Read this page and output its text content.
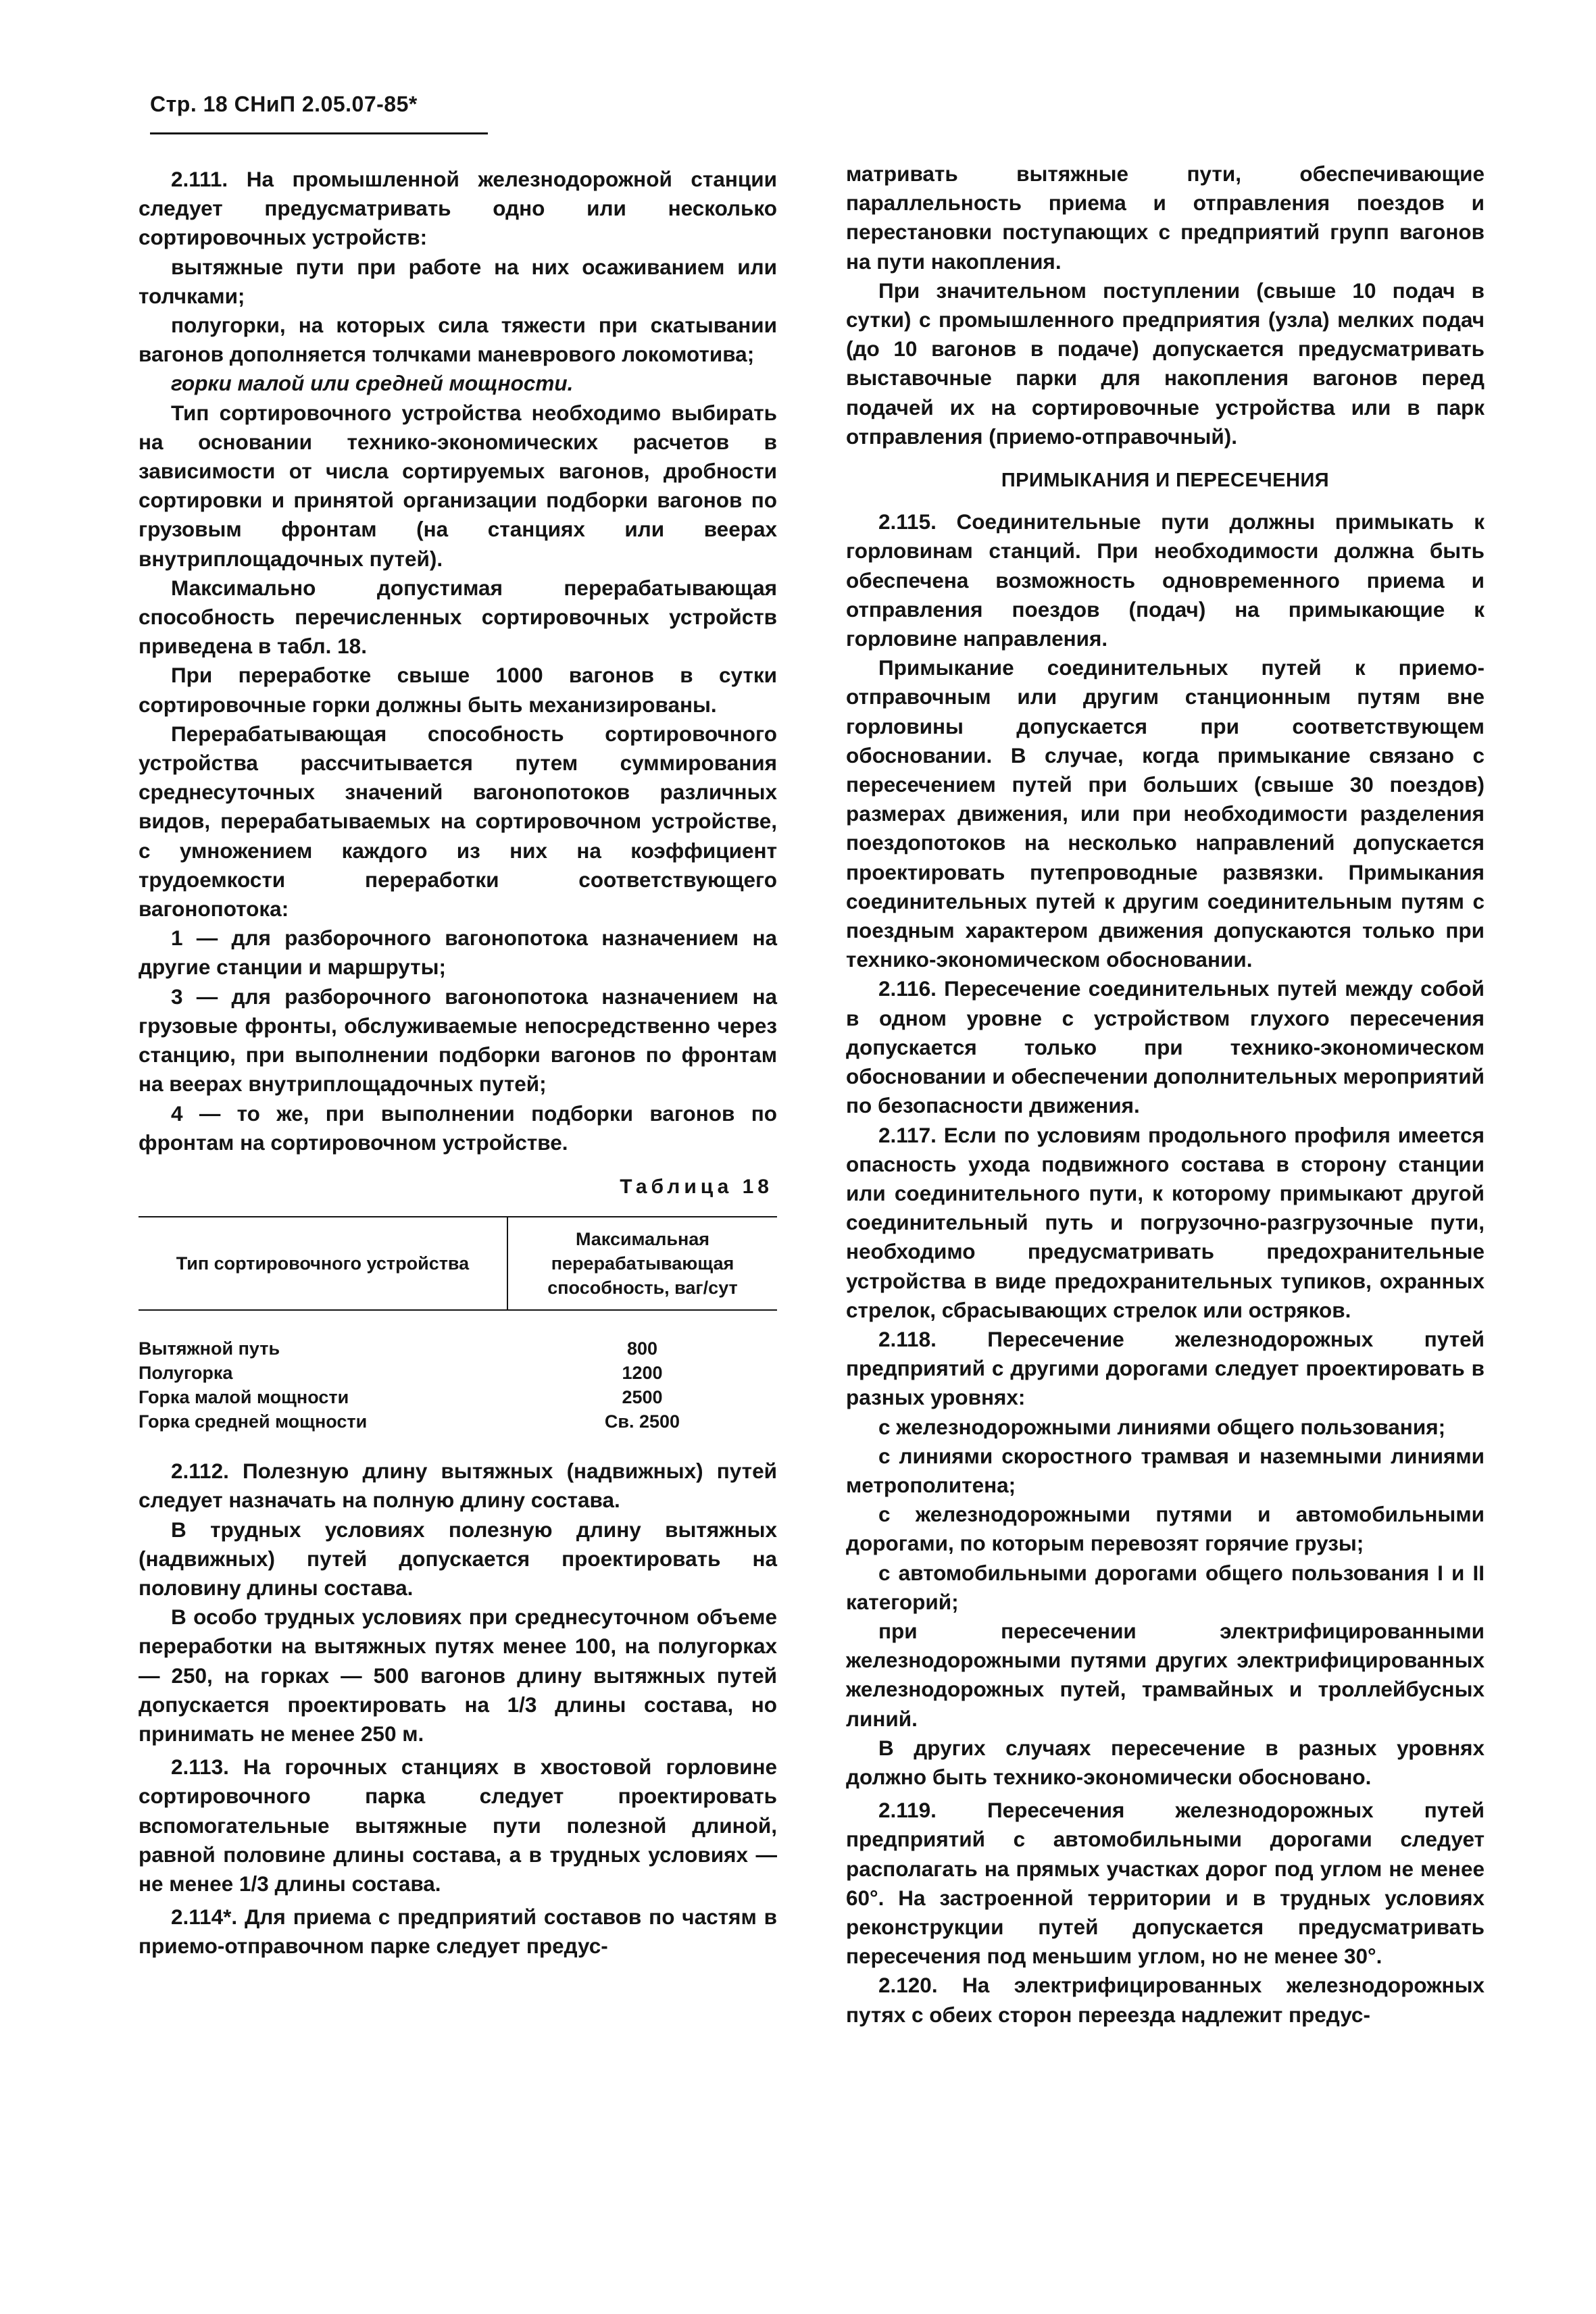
Стр. 18 СНиП 2.05.07-85*

2.111. На промышленной железнодорожной станции следует предусматривать одно или несколько сортировочных устройств:

вытяжные пути при работе на них осаживанием или толчками;

полугорки, на которых сила тяжести при скатывании вагонов дополняется толчками маневрового локомотива;

горки малой или средней мощности.

Тип сортировочного устройства необходимо выбирать на основании технико-экономических расчетов в зависимости от числа сортируемых вагонов, дробности сортировки и принятой организации подборки вагонов по грузовым фронтам (на станциях или веерах внутриплощадочных путей).

Максимально допустимая перерабатывающая способность перечисленных сортировочных устройств приведена в табл. 18.

При переработке свыше 1000 вагонов в сутки сортировочные горки должны быть механизированы.

Перерабатывающая способность сортировочного устройства рассчитывается путем суммирования среднесуточных значений вагонопотоков различных видов, перерабатываемых на сортировочном устройстве, с умножением каждого из них на коэффициент трудоемкости переработки соответствующего вагонопотока:

1 — для разборочного вагонопотока назначением на другие станции и маршруты;

3 — для разборочного вагонопотока назначением на грузовые фронты, обслуживаемые непосредственно через станцию, при выполнении подборки вагонов по фронтам на веерах внутриплощадочных путей;

4 — то же, при выполнении подборки вагонов по фронтам на сортировочном устройстве.

Таблица 18
Тип сортировочного устройства	Максимальная перерабатывающая способность, ваг/сут
Вытяжной путь	800
Полугорка	1200
Горка малой мощности	2500
Горка средней мощности	Св. 2500

2.112. Полезную длину вытяжных (надвижных) путей следует назначать на полную длину состава.

В трудных условиях полезную длину вытяжных (надвижных) путей допускается проектировать на половину длины состава.

В особо трудных условиях при среднесуточном объеме переработки на вытяжных путях менее 100, на полугорках — 250, на горках — 500 вагонов длину вытяжных путей допускается проектировать на 1/3 длины состава, но принимать не менее 250 м.

2.113. На горочных станциях в хвостовой горловине сортировочного парка следует проектировать вспомогательные вытяжные пути полезной длиной, равной половине длины состава, а в трудных условиях — не менее 1/3 длины состава.

2.114*. Для приема с предприятий составов по частям в приемо-отправочном парке следует предус-

матривать вытяжные пути, обеспечивающие параллельность приема и отправления поездов и перестановки поступающих с предприятий групп вагонов на пути накопления.

При значительном поступлении (свыше 10 подач в сутки) с промышленного предприятия (узла) мелких подач (до 10 вагонов в подаче) допускается предусматривать выставочные парки для накопления вагонов перед подачей их на сортировочные устройства или в парк отправления (приемо-отправочный).

ПРИМЫКАНИЯ И ПЕРЕСЕЧЕНИЯ

2.115. Соединительные пути должны примыкать к горловинам станций. При необходимости должна быть обеспечена возможность одновременного приема и отправления поездов (подач) на примыкающие к горловине направления.

Примыкание соединительных путей к приемо-отправочным или другим станционным путям вне горловины допускается при соответствующем обосновании. В случае, когда примыкание связано с пересечением путей при больших (свыше 30 поездов) размерах движения, или при необходимости разделения поездопотоков на несколько направлений допускается проектировать путепроводные развязки. Примыкания соединительных путей к другим соединительным путям с поездным характером движения допускаются только при технико-экономическом обосновании.

2.116. Пересечение соединительных путей между собой в одном уровне с устройством глухого пересечения допускается только при технико-экономическом обосновании и обеспечении дополнительных мероприятий по безопасности движения.

2.117. Если по условиям продольного профиля имеется опасность ухода подвижного состава в сторону станции или соединительного пути, к которому примыкают другой соединительный путь и погрузочно-разгрузочные пути, необходимо предусматривать предохранительные устройства в виде предохранительных тупиков, охранных стрелок, сбрасывающих стрелок или остряков.

2.118. Пересечение железнодорожных путей предприятий с другими дорогами следует проектировать в разных уровнях:

с железнодорожными линиями общего пользования;

с линиями скоростного трамвая и наземными линиями метрополитена;

с железнодорожными путями и автомобильными дорогами, по которым перевозят горячие грузы;

с автомобильными дорогами общего пользования I и II категорий;

при пересечении электрифицированными железнодорожными путями других электрифицированных железнодорожных путей, трамвайных и троллейбусных линий.

В других случаях пересечение в разных уровнях должно быть технико-экономически обосновано.

2.119. Пересечения железнодорожных путей предприятий с автомобильными дорогами следует располагать на прямых участках дорог под углом не менее 60°. На застроенной территории и в трудных условиях реконструкции путей допускается предусматривать пересечения под меньшим углом, но не менее 30°.

2.120. На электрифицированных железнодорожных путях с обеих сторон переезда надлежит предус-
